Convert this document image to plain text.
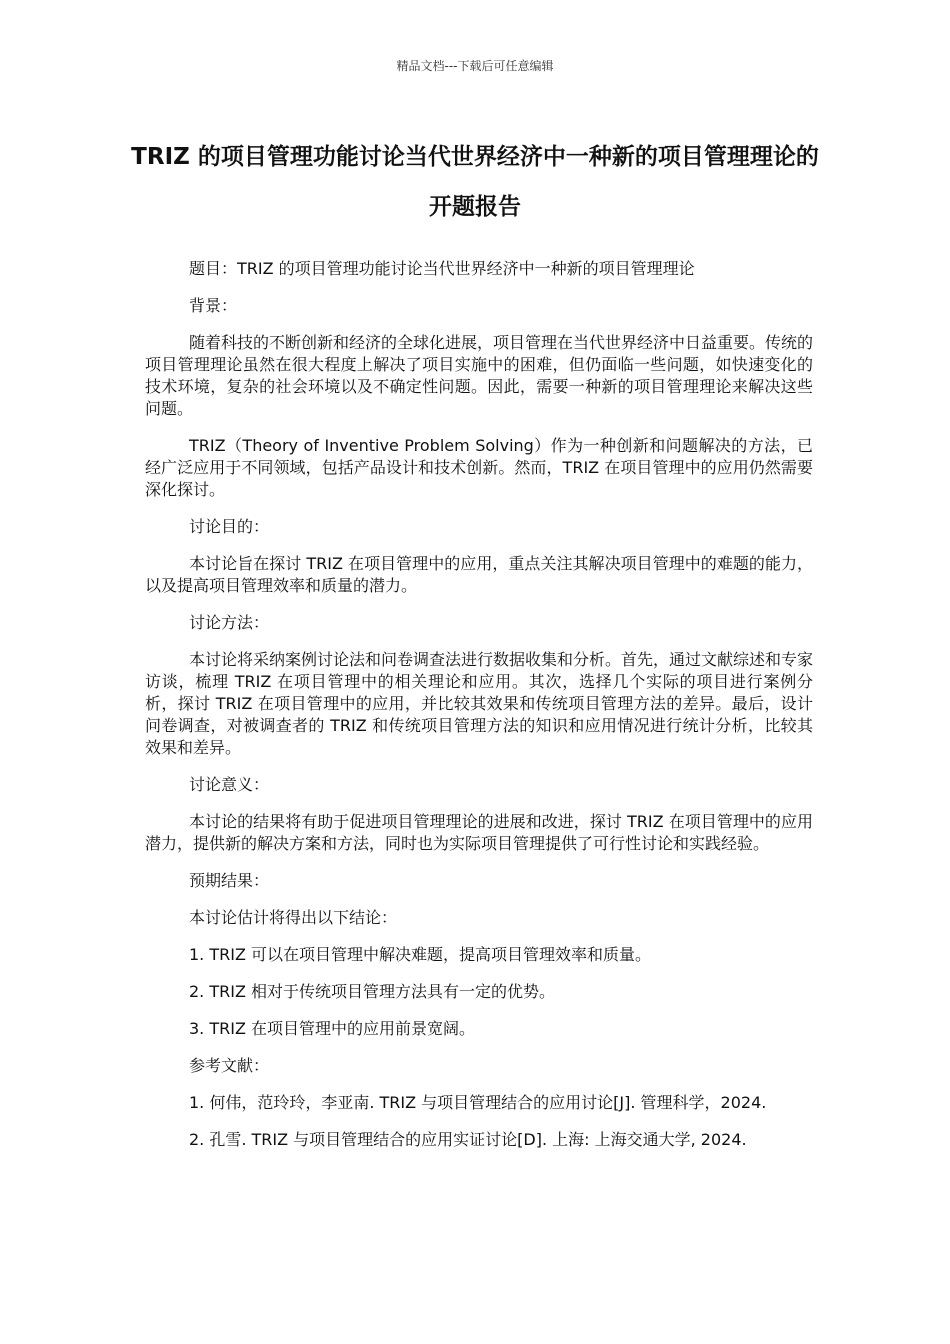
精品文档---下载后可任意编辑
TRIZ 的项目管理功能讨论当代世界经济中一种新的项目管理理论的开题报告

题目：TRIZ 的项目管理功能讨论当代世界经济中一种新的项目管理理论

背景：

随着科技的不断创新和经济的全球化进展，项目管理在当代世界经济中日益重要。传统的项目管理理论虽然在很大程度上解决了项目实施中的困难，但仍面临一些问题，如快速变化的技术环境，复杂的社会环境以及不确定性问题。因此，需要一种新的项目管理理论来解决这些问题。

TRIZ（Theory of Inventive Problem Solving）作为一种创新和问题解决的方法，已经广泛应用于不同领域，包括产品设计和技术创新。然而，TRIZ 在项目管理中的应用仍然需要深化探讨。

讨论目的：

本讨论旨在探讨 TRIZ 在项目管理中的应用，重点关注其解决项目管理中的难题的能力，以及提高项目管理效率和质量的潜力。

讨论方法：

本讨论将采纳案例讨论法和问卷调查法进行数据收集和分析。首先，通过文献综述和专家访谈，梳理 TRIZ 在项目管理中的相关理论和应用。其次，选择几个实际的项目进行案例分析，探讨 TRIZ 在项目管理中的应用，并比较其效果和传统项目管理方法的差异。最后，设计问卷调查，对被调查者的 TRIZ 和传统项目管理方法的知识和应用情况进行统计分析，比较其效果和差异。

讨论意义：

本讨论的结果将有助于促进项目管理理论的进展和改进，探讨 TRIZ 在项目管理中的应用潜力，提供新的解决方案和方法，同时也为实际项目管理提供了可行性讨论和实践经验。

预期结果：

本讨论估计将得出以下结论：

1. TRIZ 可以在项目管理中解决难题，提高项目管理效率和质量。

2. TRIZ 相对于传统项目管理方法具有一定的优势。

3. TRIZ 在项目管理中的应用前景宽阔。

参考文献：

1. 何伟，范玲玲，李亚南. TRIZ 与项目管理结合的应用讨论[J]. 管理科学，2024.

2. 孔雪. TRIZ 与项目管理结合的应用实证讨论[D]. 上海: 上海交通大学, 2024.
